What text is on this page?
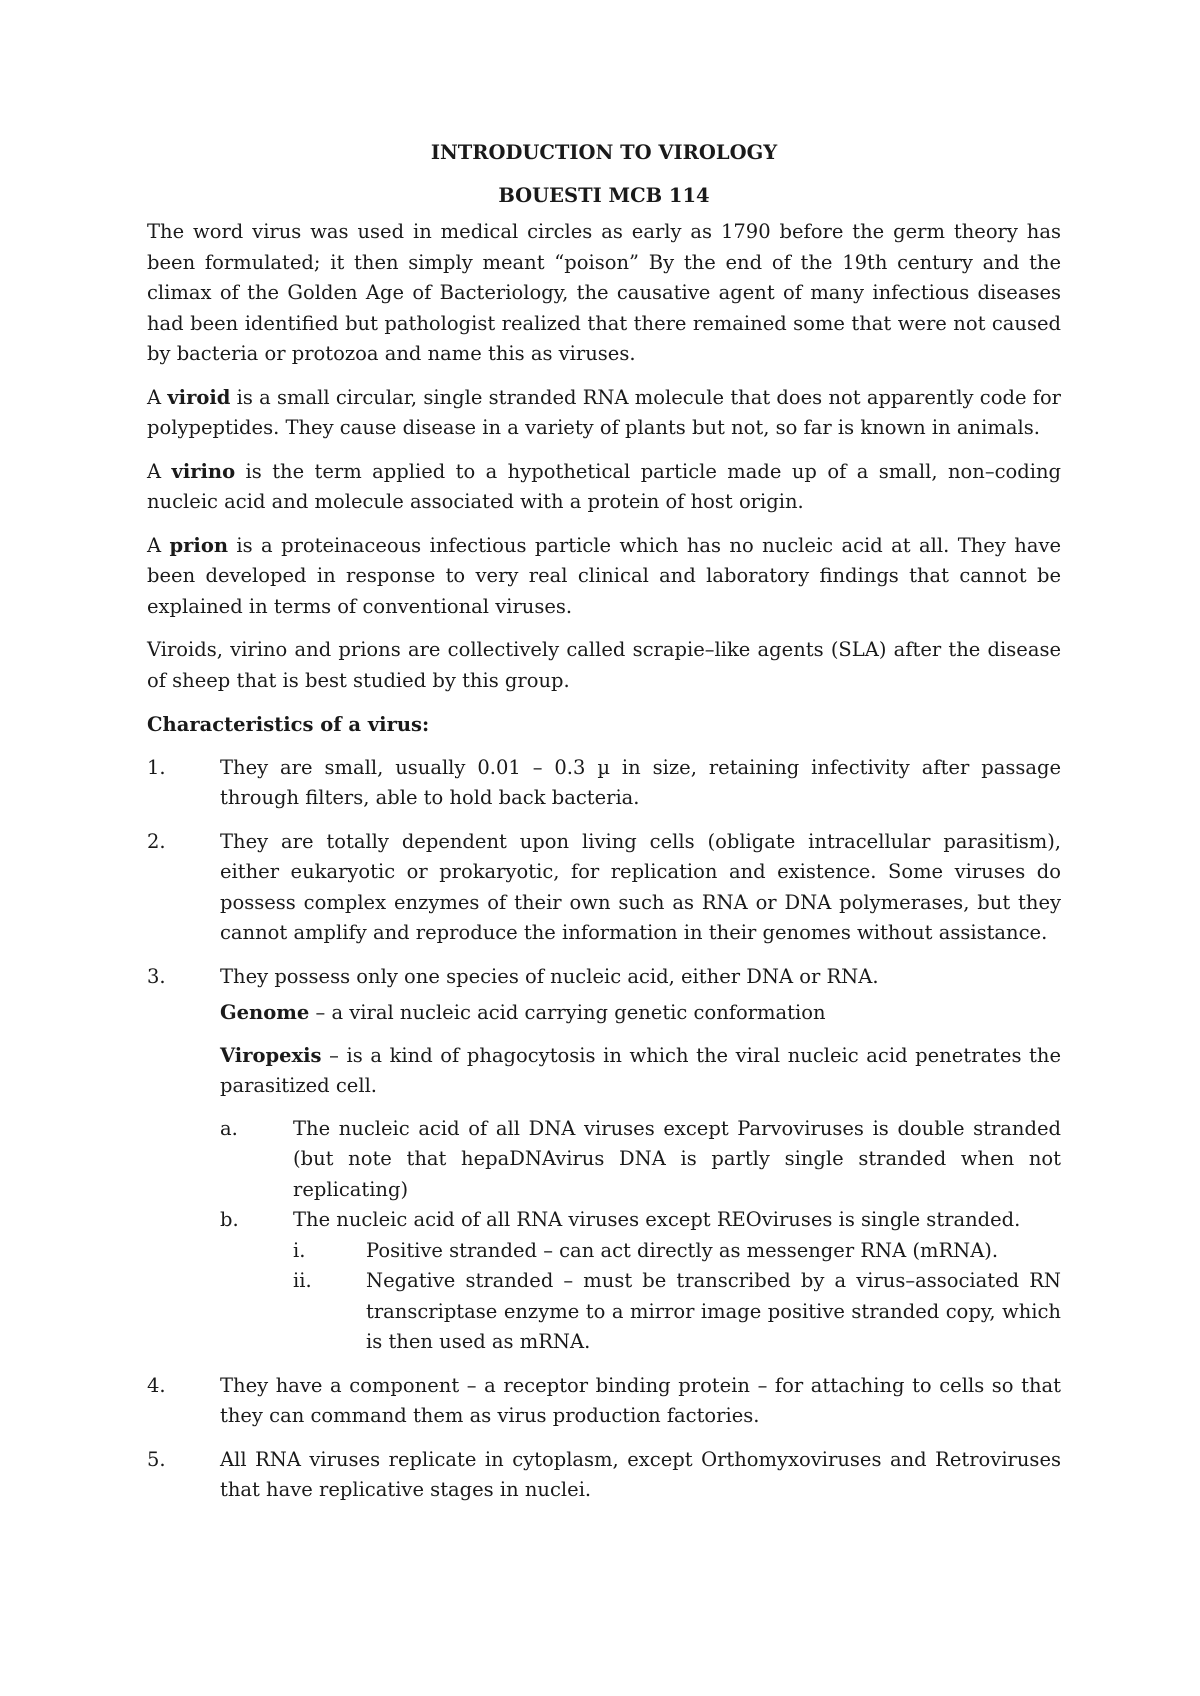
INTRODUCTION TO VIROLOGY

BOUESTI MCB 114

The word virus was used in medical circles as early as 1790 before the germ theory has been formulated; it then simply meant “poison” By the end of the 19th century and the climax of the Golden Age of Bacteriology, the causative agent of many infectious diseases had been identified but pathologist realized that there remained some that were not caused by bacteria or protozoa and name this as viruses.

A viroid is a small circular, single stranded RNA molecule that does not apparently code for polypeptides. They cause disease in a variety of plants but not, so far is known in animals.

A virino is the term applied to a hypothetical particle made up of a small, non–coding nucleic acid and molecule associated with a protein of host origin.

A prion is a proteinaceous infectious particle which has no nucleic acid at all. They have been developed in response to very real clinical and laboratory findings that cannot be explained in terms of conventional viruses.

Viroids, virino and prions are collectively called scrapie–like agents (SLA) after the disease of sheep that is best studied by this group.

Characteristics of a virus:

1.	They are small, usually 0.01 – 0.3 µ in size, retaining infectivity after passage through filters, able to hold back bacteria.
2.	They are totally dependent upon living cells (obligate intracellular parasitism), either eukaryotic or prokaryotic, for replication and existence. Some viruses do possess complex enzymes of their own such as RNA or DNA polymerases, but they cannot amplify and reproduce the information in their genomes without assistance.
3.	They possess only one species of nucleic acid, either DNA or RNA.

Genome – a viral nucleic acid carrying genetic conformation

Viropexis – is a kind of phagocytosis in which the viral nucleic acid penetrates the parasitized cell.

a.	The nucleic acid of all DNA viruses except Parvoviruses is double stranded (but note that hepaDNAvirus DNA is partly single stranded when not replicating)
b.	The nucleic acid of all RNA viruses except REOviruses is single stranded.
i.	Positive stranded – can act directly as messenger RNA (mRNA).
ii.	Negative stranded – must be transcribed by a virus–associated RN transcriptase enzyme to a mirror image positive stranded copy, which is then used as mRNA.
4.	They have a component – a receptor binding protein – for attaching to cells so that they can command them as virus production factories.
5.	All RNA viruses replicate in cytoplasm, except Orthomyxoviruses and Retroviruses that have replicative stages in nuclei.
